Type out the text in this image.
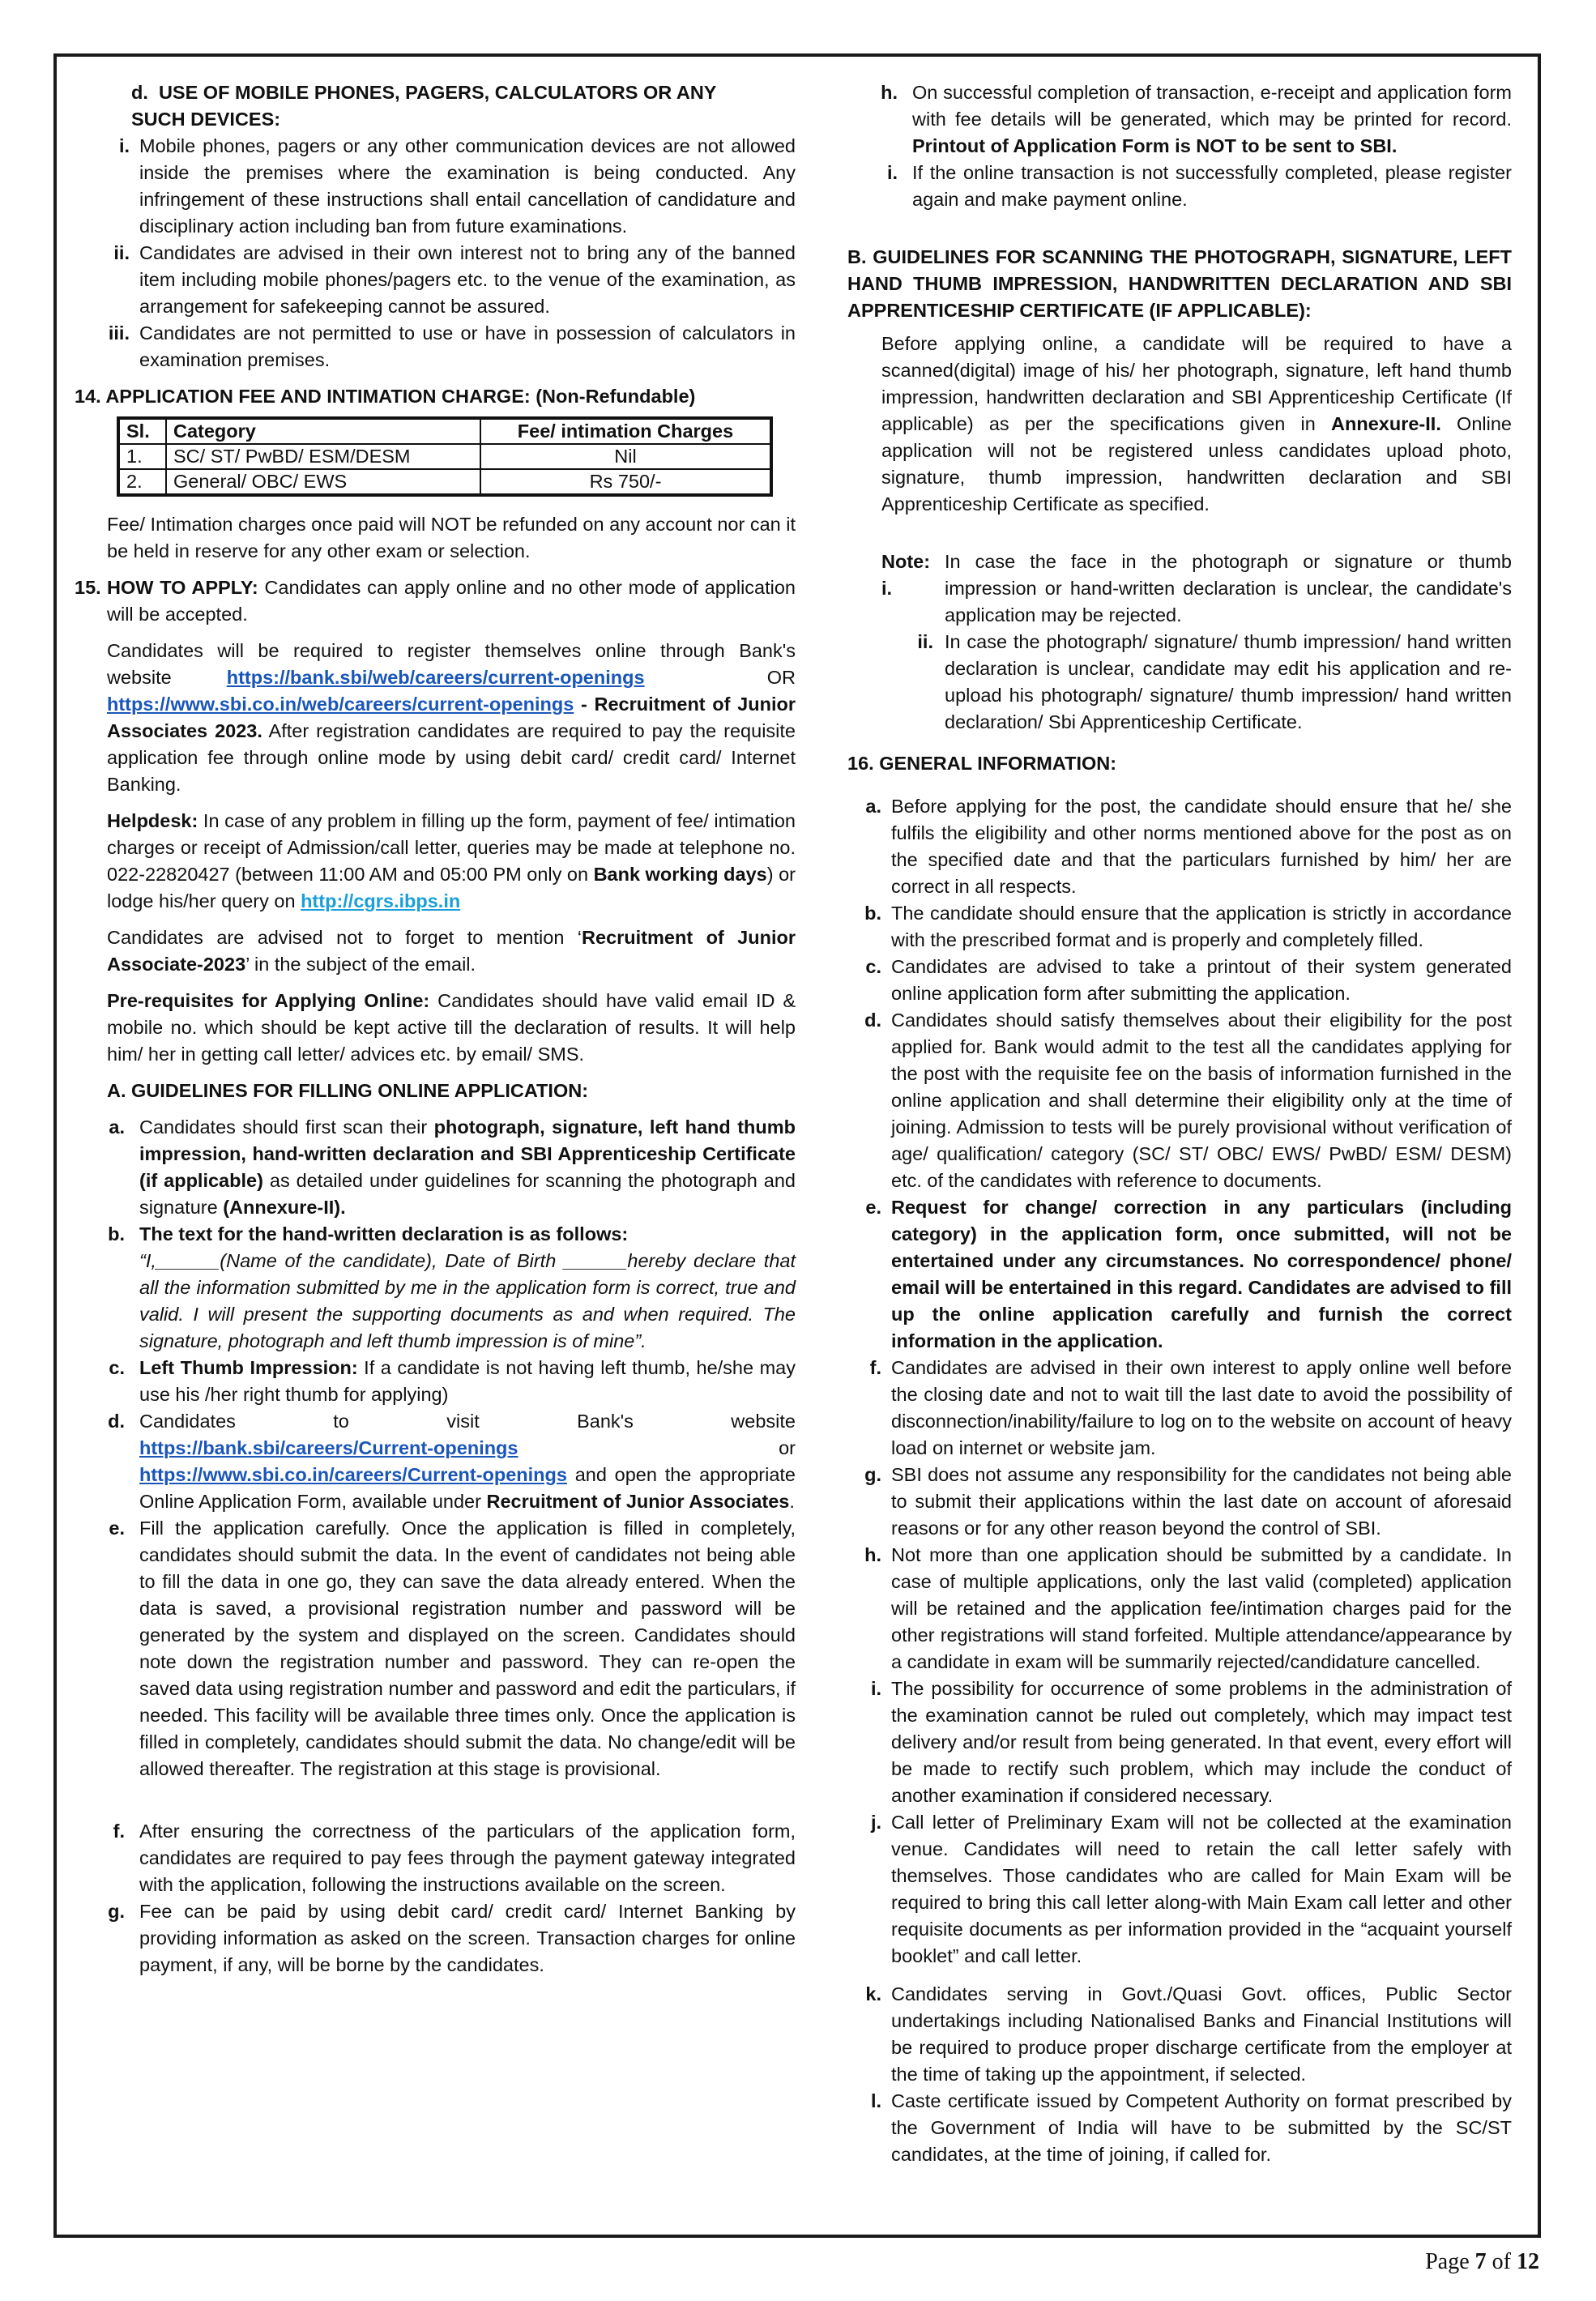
d. USE OF MOBILE PHONES, PAGERS, CALCULATORS OR ANY
SUCH DEVICES:
i. Mobile phones, pagers or any other communication devices are not allowed inside the premises where the examination is being conducted. Any infringement of these instructions shall entail cancellation of candidature and disciplinary action including ban from future examinations.

ii. Candidates are advised in their own interest not to bring any of the banned item including mobile phones/pagers etc. to the venue of the examination, as arrangement for safekeeping cannot be assured.

iii. Candidates are not permitted to use or have in possession of calculators in examination premises.

14. APPLICATION FEE AND INTIMATION CHARGE: (Non-Refundable)
Sl.	Category	Fee/ intimation Charges
1.	SC/ ST/ PwBD/ ESM/DESM	Nil
2.	General/ OBC/ EWS	Rs 750/-

Fee/ Intimation charges once paid will NOT be refunded on any account nor can it be held in reserve for any other exam or selection.

15. HOW TO APPLY: Candidates can apply online and no other mode of application will be accepted.

Candidates will be required to register themselves online through Bank's website	https://bank.sbi/web/careers/current-openings	OR https://www.sbi.co.in/web/careers/current-openings - Recruitment of Junior Associates 2023. After registration candidates are required to pay the requisite application fee through online mode by using debit card/ credit card/ Internet Banking.

Helpdesk: In case of any problem in filling up the form, payment of fee/ intimation charges or receipt of Admission/call letter, queries may be made at telephone no. 022-22820427 (between 11:00 AM and 05:00 PM only on Bank working days) or lodge his/her query on http://cgrs.ibps.in

Candidates are advised not to forget to mention ‘Recruitment of Junior Associate-2023’ in the subject of the email.

Pre-requisites for Applying Online: Candidates should have valid email ID & mobile no. which should be kept active till the declaration of results. It will help him/ her in getting call letter/ advices etc. by email/ SMS.

A. GUIDELINES FOR FILLING ONLINE APPLICATION:
a. Candidates should first scan their photograph, signature, left hand thumb impression, hand-written declaration and SBI Apprenticeship Certificate (if applicable) as detailed under guidelines for scanning the photograph and signature (Annexure-II).

b. The text for the hand-written declaration is as follows:

“I,______(Name of the candidate), Date of Birth ______hereby declare that all the information submitted by me in the application form is correct, true and valid. I will present the supporting documents as and when required. The signature, photograph and left thumb impression is of mine”.

c. Left Thumb Impression: If a candidate is not having left thumb, he/she may use his /her right thumb for applying)

d. Candidates	to	visit	Bank's	website
https://bank.sbi/careers/Current-openings	or
https://www.sbi.co.in/careers/Current-openings and open the appropriate Online Application Form, available under Recruitment of Junior Associates.

e. Fill the application carefully. Once the application is filled in completely, candidates should submit the data. In the event of candidates not being able to fill the data in one go, they can save the data already entered. When the data is saved, a provisional registration number and password will be generated by the system and displayed on the screen. Candidates should note down the registration number and password. They can re-open the saved data using registration number and password and edit the particulars, if needed. This facility will be available three times only. Once the application is filled in completely, candidates should submit the data. No change/edit will be allowed thereafter. The registration at this stage is provisional.

f. After ensuring the correctness of the particulars of the application form, candidates are required to pay fees through the payment gateway integrated with the application, following the instructions available on the screen.

g. Fee can be paid by using debit card/ credit card/ Internet Banking by providing information as asked on the screen. Transaction charges for online payment, if any, will be borne by the candidates.

h. On successful completion of transaction, e-receipt and application form with fee details will be generated, which may be printed for record. Printout of Application Form is NOT to be sent to SBI.

i. If the online transaction is not successfully completed, please register again and make payment online.

B. GUIDELINES FOR SCANNING THE PHOTOGRAPH, SIGNATURE, LEFT HAND THUMB IMPRESSION, HANDWRITTEN DECLARATION AND SBI APPRENTICESHIP CERTIFICATE (IF APPLICABLE):

Before applying online, a candidate will be required to have a scanned(digital) image of his/ her photograph, signature, left hand thumb impression, handwritten declaration and SBI Apprenticeship Certificate (If applicable) as per the specifications given in Annexure-II. Online application will not be registered unless candidates upload photo, signature, thumb impression, handwritten declaration and SBI Apprenticeship Certificate as specified.

Note: i.

In case the face in the photograph or signature or thumb impression or hand-written declaration is unclear, the candidate's application may be rejected.

ii. In case the photograph/ signature/ thumb impression/ hand written declaration is unclear, candidate may edit his application and re-upload his photograph/ signature/ thumb impression/ hand written declaration/ Sbi Apprenticeship Certificate.

16. GENERAL INFORMATION:
a. Before applying for the post, the candidate should ensure that he/ she fulfils the eligibility and other norms mentioned above for the post as on the specified date and that the particulars furnished by him/ her are correct in all respects.

b. The candidate should ensure that the application is strictly in accordance with the prescribed format and is properly and completely filled.

c. Candidates are advised to take a printout of their system generated online application form after submitting the application.

d. Candidates should satisfy themselves about their eligibility for the post applied for. Bank would admit to the test all the candidates applying for the post with the requisite fee on the basis of information furnished in the online application and shall determine their eligibility only at the time of joining. Admission to tests will be purely provisional without verification of age/ qualification/ category (SC/ ST/ OBC/ EWS/ PwBD/ ESM/ DESM) etc. of the candidates with reference to documents.

e. Request for change/ correction in any particulars (including category) in the application form, once submitted, will not be entertained under any circumstances. No correspondence/ phone/ email will be entertained in this regard. Candidates are advised to fill up the online application carefully and furnish the correct information in the application.

f. Candidates are advised in their own interest to apply online well before the closing date and not to wait till the last date to avoid the possibility of disconnection/inability/failure to log on to the website on account of heavy load on internet or website jam.

g. SBI does not assume any responsibility for the candidates not being able to submit their applications within the last date on account of aforesaid reasons or for any other reason beyond the control of SBI.

h. Not more than one application should be submitted by a candidate. In case of multiple applications, only the last valid (completed) application will be retained and the application fee/intimation charges paid for the other registrations will stand forfeited. Multiple attendance/appearance by a candidate in exam will be summarily rejected/candidature cancelled.

i. The possibility for occurrence of some problems in the administration of the examination cannot be ruled out completely, which may impact test delivery and/or result from being generated. In that event, every effort will be made to rectify such problem, which may include the conduct of another examination if considered necessary.

j. Call letter of Preliminary Exam will not be collected at the examination venue. Candidates will need to retain the call letter safely with themselves. Those candidates who are called for Main Exam will be required to bring this call letter along-with Main Exam call letter and other requisite documents as per information provided in the “acquaint yourself booklet” and call letter.

k. Candidates serving in Govt./Quasi Govt. offices, Public Sector undertakings including Nationalised Banks and Financial Institutions will be required to produce proper discharge certificate from the employer at the time of taking up the appointment, if selected.

l. Caste certificate issued by Competent Authority on format prescribed by the Government of India will have to be submitted by the SC/ST candidates, at the time of joining, if called for.

Page 7 of 12
